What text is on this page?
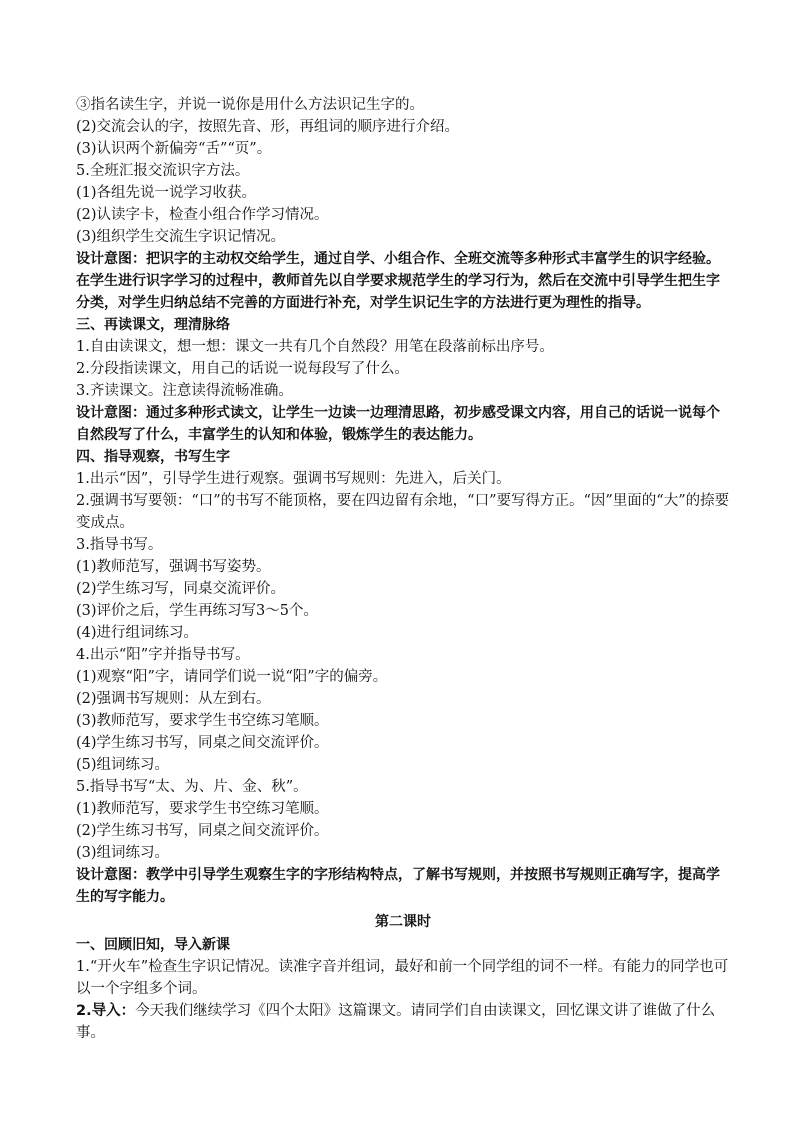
③指名读生字，并说一说你是用什么方法识记生字的。
(2)交流会认的字，按照先音、形，再组词的顺序进行介绍。
(3)认识两个新偏旁“舌”“页”。
5.全班汇报交流识字方法。
(1)各组先说一说学习收获。
(2)认读字卡，检查小组合作学习情况。
(3)组织学生交流生字识记情况。
设计意图：把识字的主动权交给学生，通过自学、小组合作、全班交流等多种形式丰富学生的识字经验。在学生进行识字学习的过程中，教师首先以自学要求规范学生的学习行为，然后在交流中引导学生把生字分类，对学生归纳总结不完善的方面进行补充，对学生识记生字的方法进行更为理性的指导。
三、再读课文，理清脉络
1.自由读课文，想一想：课文一共有几个自然段？用笔在段落前标出序号。
2.分段指读课文，用自己的话说一说每段写了什么。
3.齐读课文。注意读得流畅准确。
设计意图：通过多种形式读文，让学生一边读一边理清思路，初步感受课文内容，用自己的话说一说每个自然段写了什么，丰富学生的认知和体验，锻炼学生的表达能力。
四、指导观察，书写生字
1.出示“因”，引导学生进行观察。强调书写规则：先进入，后关门。
2.强调书写要领：“口”的书写不能顶格，要在四边留有余地，“口”要写得方正。“因”里面的“大”的捺要变成点。
3.指导书写。
(1)教师范写，强调书写姿势。
(2)学生练习写，同桌交流评价。
(3)评价之后，学生再练习写3～5个。
(4)进行组词练习。
4.出示“阳”字并指导书写。
(1)观察“阳”字，请同学们说一说“阳”字的偏旁。
(2)强调书写规则：从左到右。
(3)教师范写，要求学生书空练习笔顺。
(4)学生练习书写，同桌之间交流评价。
(5)组词练习。
5.指导书写“太、为、片、金、秋”。
(1)教师范写，要求学生书空练习笔顺。
(2)学生练习书写，同桌之间交流评价。
(3)组词练习。
设计意图：教学中引导学生观察生字的字形结构特点，了解书写规则，并按照书写规则正确写字，提高学生的写字能力。
第二课时
一、回顾旧知，导入新课
1.“开火车”检查生字识记情况。读准字音并组词，最好和前一个同学组的词不一样。有能力的同学也可以一个字组多个词。
2.导入：今天我们继续学习《四个太阳》这篇课文。请同学们自由读课文，回忆课文讲了谁做了什么事。
